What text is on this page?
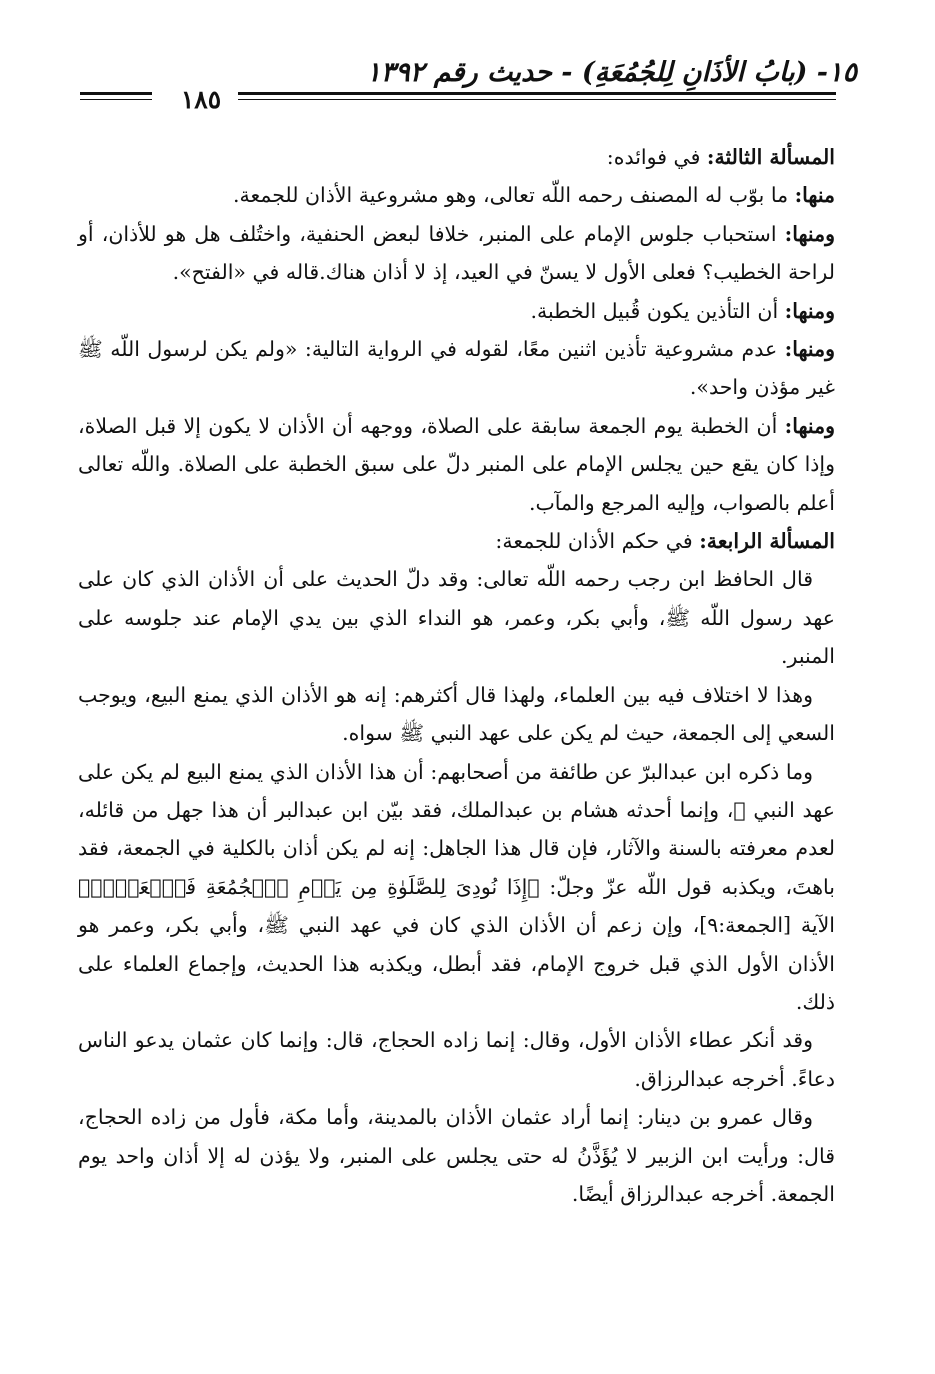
١٥- (بابُ الأذَانِ لِلجُمُعَةِ) - حديث رقم ١٣٩٢
١٨٥

المسألة الثالثة: في فوائده:

منها: ما بوّب له المصنف رحمه اللّه تعالى، وهو مشروعية الأذان للجمعة.

ومنها: استحباب جلوس الإمام على المنبر، خلافا لبعض الحنفية، واختُلف هل هو للأذان، أو لراحة الخطيب؟ فعلى الأول لا يسنّ في العيد، إذ لا أذان هناك.قاله في «الفتح».

ومنها: أن التأذين يكون قُبيل الخطبة.

ومنها: عدم مشروعية تأذين اثنين معًا، لقوله في الرواية التالية: «ولم يكن لرسول اللّه ﷺ غير مؤذن واحد».

ومنها: أن الخطبة يوم الجمعة سابقة على الصلاة، ووجهه أن الأذان لا يكون إلا قبل الصلاة، وإذا كان يقع حين يجلس الإمام على المنبر دلّ على سبق الخطبة على الصلاة. واللّه تعالى أعلم بالصواب، وإليه المرجع والمآب.

المسألة الرابعة: في حكم الأذان للجمعة:

قال الحافظ ابن رجب رحمه اللّه تعالى: وقد دلّ الحديث على أن الأذان الذي كان على عهد رسول اللّه ﷺ، وأبي بكر، وعمر، هو النداء الذي بين يدي الإمام عند جلوسه على المنبر.

وهذا لا اختلاف فيه بين العلماء، ولهذا قال أكثرهم: إنه هو الأذان الذي يمنع البيع، ويوجب السعي إلى الجمعة، حيث لم يكن على عهد النبي ﷺ سواه.

وما ذكره ابن عبدالبرّ عن طائفة من أصحابهم: أن هذا الأذان الذي يمنع البيع لم يكن على عهد النبي ﷺ، وإنما أحدثه هشام بن عبدالملك، فقد بيّن ابن عبدالبر أن هذا جهل من قائله، لعدم معرفته بالسنة والآثار، فإن قال هذا الجاهل: إنه لم يكن أذان بالكلية في الجمعة، فقد باهتَ، ويكذبه قول اللّه عزّ وجلّ: ﴿إِذَا نُودِىَ لِلصَّلَوٰةِ مِن يَوۡمِ ٱلۡجُمُعَةِ فَٱسۡعَوۡا۟﴾ الآية [الجمعة:٩]، وإن زعم أن الأذان الذي كان في عهد النبي ﷺ، وأبي بكر، وعمر هو الأذان الأول الذي قبل خروج الإمام، فقد أبطل، ويكذبه هذا الحديث، وإجماع العلماء على ذلك.

وقد أنكر عطاء الأذان الأول، وقال: إنما زاده الحجاج، قال: وإنما كان عثمان يدعو الناس دعاءً. أخرجه عبدالرزاق.

وقال عمرو بن دينار: إنما أراد عثمان الأذان بالمدينة، وأما مكة، فأول من زاده الحجاج، قال: ورأيت ابن الزبير لا يُؤَذَّنُ له حتى يجلس على المنبر، ولا يؤذن له إلا أذان واحد يوم الجمعة. أخرجه عبدالرزاق أيضًا.
